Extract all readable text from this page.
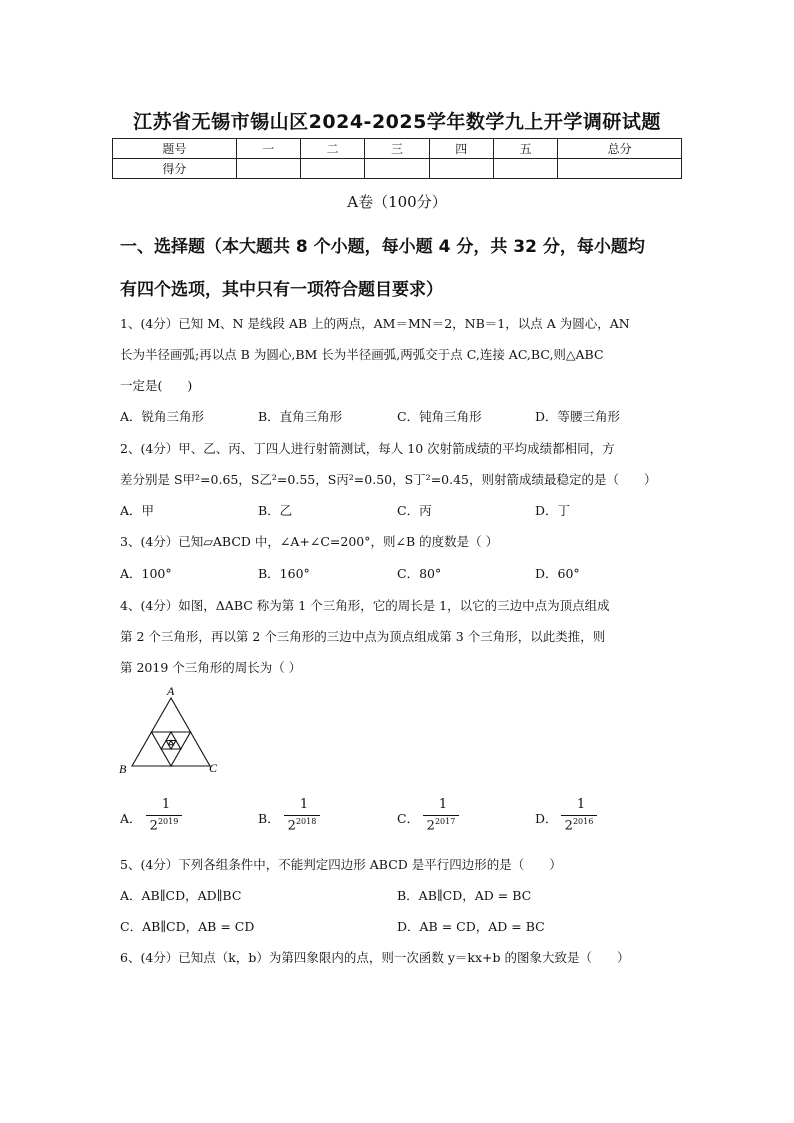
江苏省无锡市锡山区2024-2025学年数学九上开学调研试题
题号	一	二	三	四	五	总分
得分						
A卷（100分）
一、选择题（本大题共 8 个小题，每小题 4 分，共 32 分，每小题均
有四个选项，其中只有一项符合题目要求）
1、(4分）已知 M、N 是线段 AB 上的两点，AM＝MN＝2，NB＝1，以点 A 为圆心，AN
长为半径画弧;再以点 B 为圆心,BM 长为半径画弧,两弧交于点 C,连接 AC,BC,则△ABC
一定是(　　)
A．锐角三角形	B．直角三角形	C．钝角三角形	D．等腰三角形
2、(4分）甲、乙、丙、丁四人进行射箭测试，每人 10 次射箭成绩的平均成绩都相同，方
差分别是 S甲²=0.65，S乙²=0.55，S丙²=0.50，S丁²=0.45，则射箭成绩最稳定的是（　　）
A．甲	B．乙	C．丙	D．丁
3、(4分）已知▱ABCD 中，∠A+∠C=200°，则∠B 的度数是（ ）
A．100°	B．160°	C．80°	D．60°
4、(4分）如图，ΔABC 称为第 1 个三角形，它的周长是 1，以它的三边中点为顶点组成
第 2 个三角形，再以第 2 个三角形的三边中点为顶点组成第 3 个三角形，以此类推，则
第 2019 个三角形的周长为（ ）
A
B	C
A．
1
$2^{2019}$	B．
1
$2^{2018}$	C．
1
$2^{2017}$	D．
1
$2^{2016}$
5、(4分）下列各组条件中，不能判定四边形 ABCD 是平行四边形的是（　　）
A．AB∥CD，AD∥BC	B．AB∥CD，AD = BC
C．AB∥CD，AB = CD	D．AB = CD，AD = BC
6、(4分）已知点（k，b）为第四象限内的点，则一次函数 y＝kx+b 的图象大致是（　　）
